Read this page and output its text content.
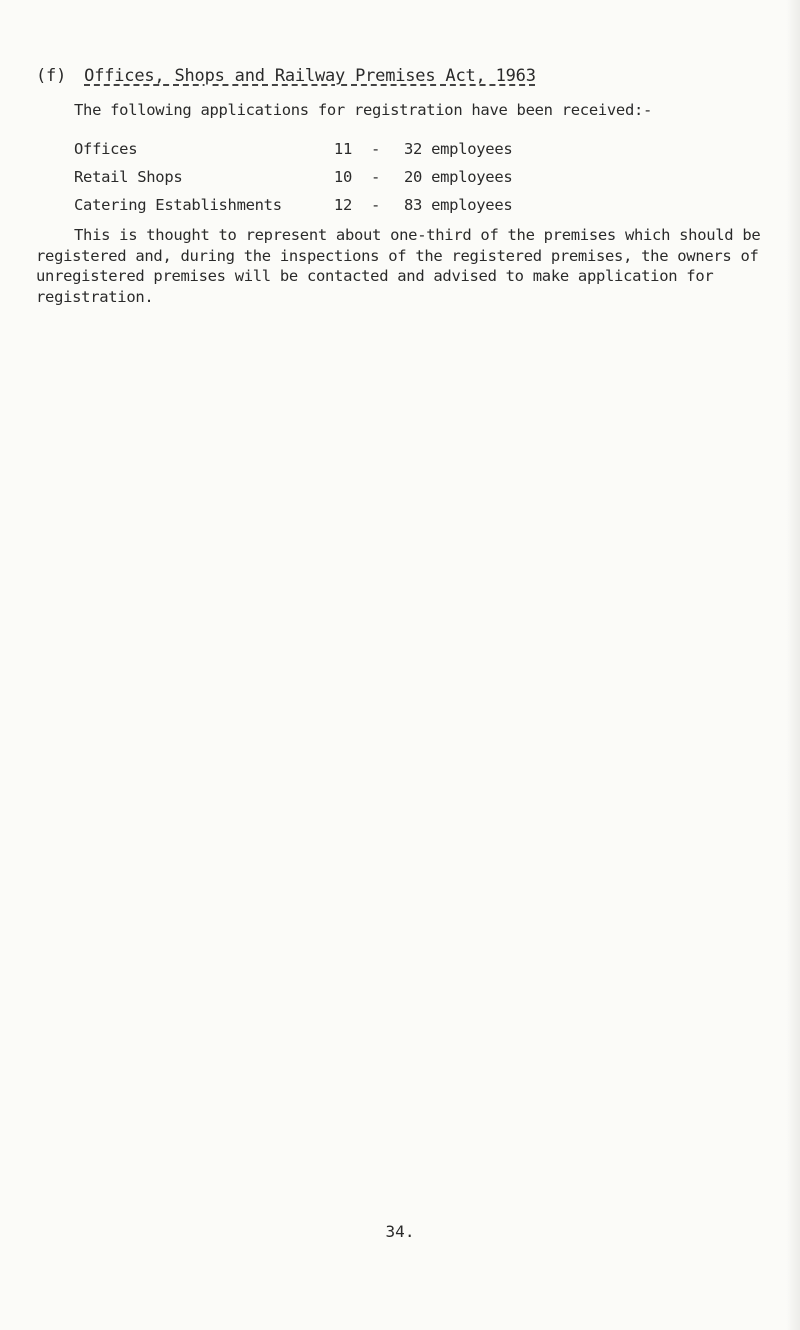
(f) Offices, Shops and Railway Premises Act, 1963
The following applications for registration have been received:-
Offices	11 - 32 employees
Retail Shops	10 - 20 employees
Catering Establishments	12 - 83 employees
This is thought to represent about one-third of the premises which should be
registered and, during the inspections of the registered premises, the owners of
unregistered premises will be contacted and advised to make application for
registration.
34.
